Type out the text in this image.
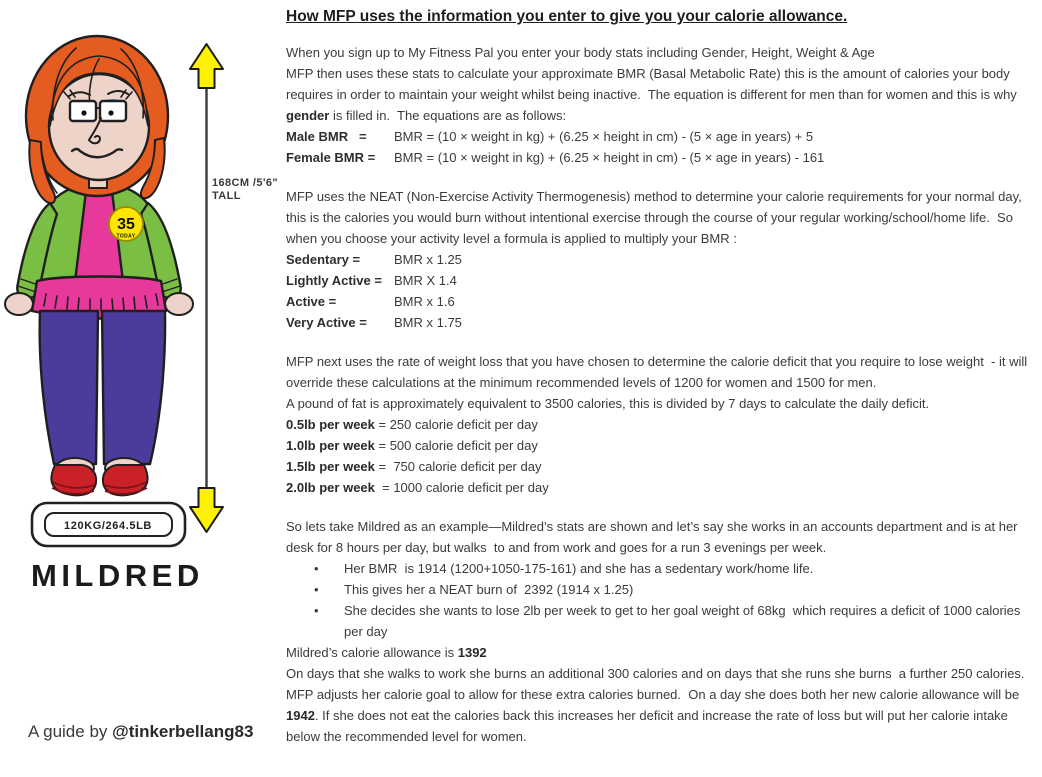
168CM /5'6"
TALL
35
TODAY
120KG/264.5LB
MILDRED
How MFP uses the information you enter to give you your calorie allowance.
When you sign up to My Fitness Pal you enter your body stats including Gender, Height, Weight & Age
MFP then uses these stats to calculate your approximate BMR (Basal Metabolic Rate) this is the amount of calories your body requires in order to maintain your weight whilst being inactive.  The equation is different for men than for women and this is why gender is filled in.  The equations are as follows:
Male BMR   =	BMR = (10 × weight in kg) + (6.25 × height in cm) - (5 × age in years) + 5
Female BMR =	BMR = (10 × weight in kg) + (6.25 × height in cm) - (5 × age in years) - 161
MFP uses the NEAT (Non-Exercise Activity Thermogenesis) method to determine your calorie requirements for your normal day, this is the calories you would burn without intentional exercise through the course of your regular working/school/home life.  So when you choose your activity level a formula is applied to multiply your BMR :
Sedentary =	BMR x 1.25
Lightly Active = BMR X 1.4
Active =	BMR x 1.6
Very Active =	BMR x 1.75
MFP next uses the rate of weight loss that you have chosen to determine the calorie deficit that you require to lose weight  - it will override these calculations at the minimum recommended levels of 1200 for women and 1500 for men.
A pound of fat is approximately equivalent to 3500 calories, this is divided by 7 days to calculate the daily deficit.
0.5lb per week = 250 calorie deficit per day
1.0lb per week = 500 calorie deficit per day
1.5lb per week =  750 calorie deficit per day
2.0lb per week  = 1000 calorie deficit per day
So lets take Mildred as an example—Mildred’s stats are shown and let’s say she works in an accounts department and is at her desk for 8 hours per day, but walks  to and from work and goes for a run 3 evenings per week.
•	Her BMR  is 1914 (1200+1050-175-161) and she has a sedentary work/home life.
•	This gives her a NEAT burn of  2392 (1914 x 1.25)
•	She decides she wants to lose 2lb per week to get to her goal weight of 68kg  which requires a deficit of 1000 calories per day
Mildred’s calorie allowance is 1392
On days that she walks to work she burns an additional 300 calories and on days that she runs she burns  a further 250 calories.  MFP adjusts her calorie goal to allow for these extra calories burned.  On a day she does both her new calorie allowance will be  1942. If she does not eat the calories back this increases her deficit and increase the rate of loss but will put her calorie intake below the recommended level for women.
A guide by @tinkerbellang83
